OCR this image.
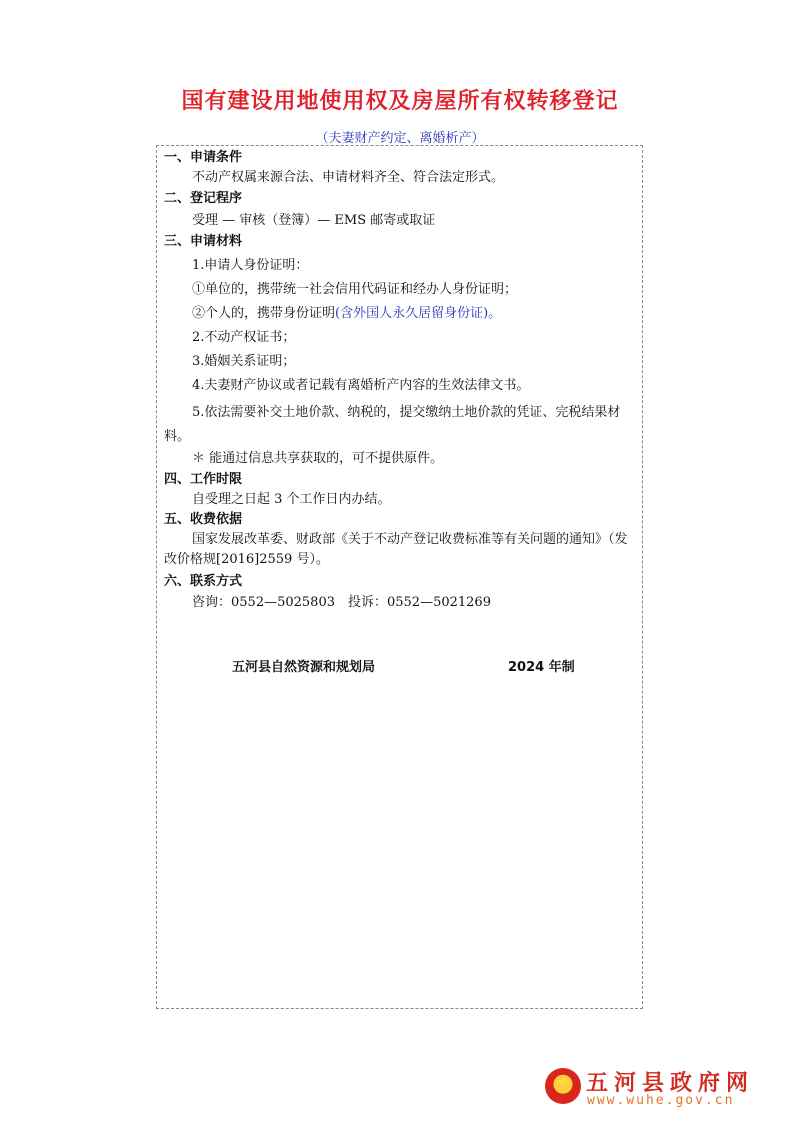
国有建设用地使用权及房屋所有权转移登记
（夫妻财产约定、离婚析产）
一、申请条件
不动产权属来源合法、申请材料齐全、符合法定形式。
二、登记程序
受理 — 审核（登簿）— EMS 邮寄或取证
三、申请材料
1.申请人身份证明：
①单位的，携带统一社会信用代码证和经办人身份证明；
②个人的，携带身份证明(含外国人永久居留身份证)。
2.不动产权证书；
3.婚姻关系证明；
4.夫妻财产协议或者记载有离婚析产内容的生效法律文书。
5.依法需要补交土地价款、纳税的，提交缴纳土地价款的凭证、完税结果材料。
＊ 能通过信息共享获取的，可不提供原件。
四、工作时限
自受理之日起 3 个工作日内办结。
五、收费依据
国家发展改革委、财政部《关于不动产登记收费标准等有关问题的通知》（发改价格规[2016]2559 号）。
六、联系方式
咨询：0552—5025803　投诉：0552—5021269
五河县自然资源和规划局	2024 年制
★ 五河县政府网
www.wuhe.gov.cn
